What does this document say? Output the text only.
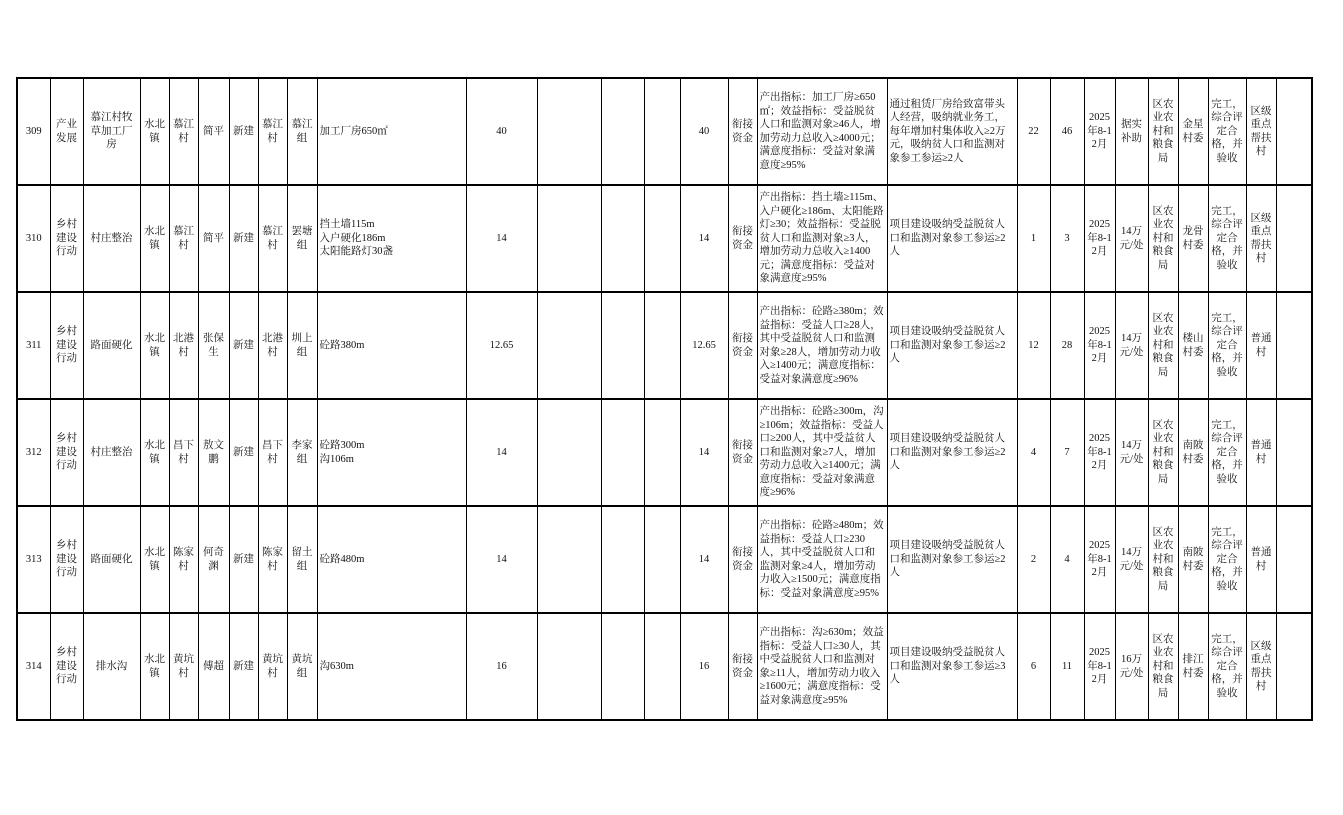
309	产业发展	慕江村牧草加工厂房	水北镇	慕江村	简平	新建	慕江村	慕江组	加工厂房650㎡	40				40	衔接资金	产出指标：加工厂房≥650㎡；效益指标：受益脱贫人口和监测对象≥46人，增加劳动力总收入≥4000元；满意度指标：受益对象满意度≥95%	通过租赁厂房给致富带头人经营，吸纳就业务工，每年增加村集体收入≥2万元，吸纳贫人口和监测对象参工参运≥2人	22	46	2025年8-12月	据实补助	区农业农村和粮食局	金星村委	完工，综合评定合格，并验收	区级重点帮扶村	
310	乡村建设行动	村庄整治	水北镇	慕江村	简平	新建	慕江村	罢塘组	挡土墙115m
入户硬化186m
太阳能路灯30盏	14				14	衔接资金	产出指标：挡土墙≥115m、入户硬化≥186m、太阳能路灯≥30；效益指标：受益脱贫人口和监测对象≥3人，增加劳动力总收入≥1400元；满意度指标：受益对象满意度≥95%	项目建设吸纳受益脱贫人口和监测对象参工参运≥2人	1	3	2025年8-12月	14万元/处	区农业农村和粮食局	龙骨村委	完工，综合评定合格，并验收	区级重点帮扶村	
311	乡村建设行动	路面硬化	水北镇	北港村	张保生	新建	北港村	圳上组	砼路380m	12.65				12.65	衔接资金	产出指标：砼路≥380m；效益指标：受益人口≥28人，其中受益脱贫人口和监测对象≥28人，增加劳动力收入≥1400元；满意度指标：受益对象满意度≥96%	项目建设吸纳受益脱贫人口和监测对象参工参运≥2人	12	28	2025年8-12月	14万元/处	区农业农村和粮食局	楼山村委	完工，综合评定合格，并验收	普通村	
312	乡村建设行动	村庄整治	水北镇	昌下村	敖文鹏	新建	昌下村	李家组	砼路300m
沟106m	14				14	衔接资金	产出指标：砼路≥300m，沟≥106m；效益指标：受益人口≥200人，其中受益贫人口和监测对象≥7人，增加劳动力总收入≥1400元；满意度指标：受益对象满意度≥96%	项目建设吸纳受益脱贫人口和监测对象参工参运≥2人	4	7	2025年8-12月	14万元/处	区农业农村和粮食局	南陂村委	完工，综合评定合格，并验收	普通村	
313	乡村建设行动	路面硬化	水北镇	陈家村	何奇渊	新建	陈家村	留土组	砼路480m	14				14	衔接资金	产出指标：砼路≥480m；效益指标：受益人口≥230人，其中受益脱贫人口和监测对象≥4人，增加劳动力收入≥1500元；满意度指标：受益对象满意度≥95%	项目建设吸纳受益脱贫人口和监测对象参工参运≥2人	2	4	2025年8-12月	14万元/处	区农业农村和粮食局	南陂村委	完工，综合评定合格，并验收	普通村	
314	乡村建设行动	排水沟	水北镇	黄坑村	傅超	新建	黄坑村	黄坑组	沟630m	16				16	衔接资金	产出指标：沟≥630m；效益指标：受益人口≥30人，其中受益脱贫人口和监测对象≥11人，增加劳动力收入≥1600元；满意度指标：受益对象满意度≥95%	项目建设吸纳受益脱贫人口和监测对象参工参运≥3人	6	11	2025年8-12月	16万元/处	区农业农村和粮食局	排江村委	完工，综合评定合格，并验收	区级重点帮扶村	
